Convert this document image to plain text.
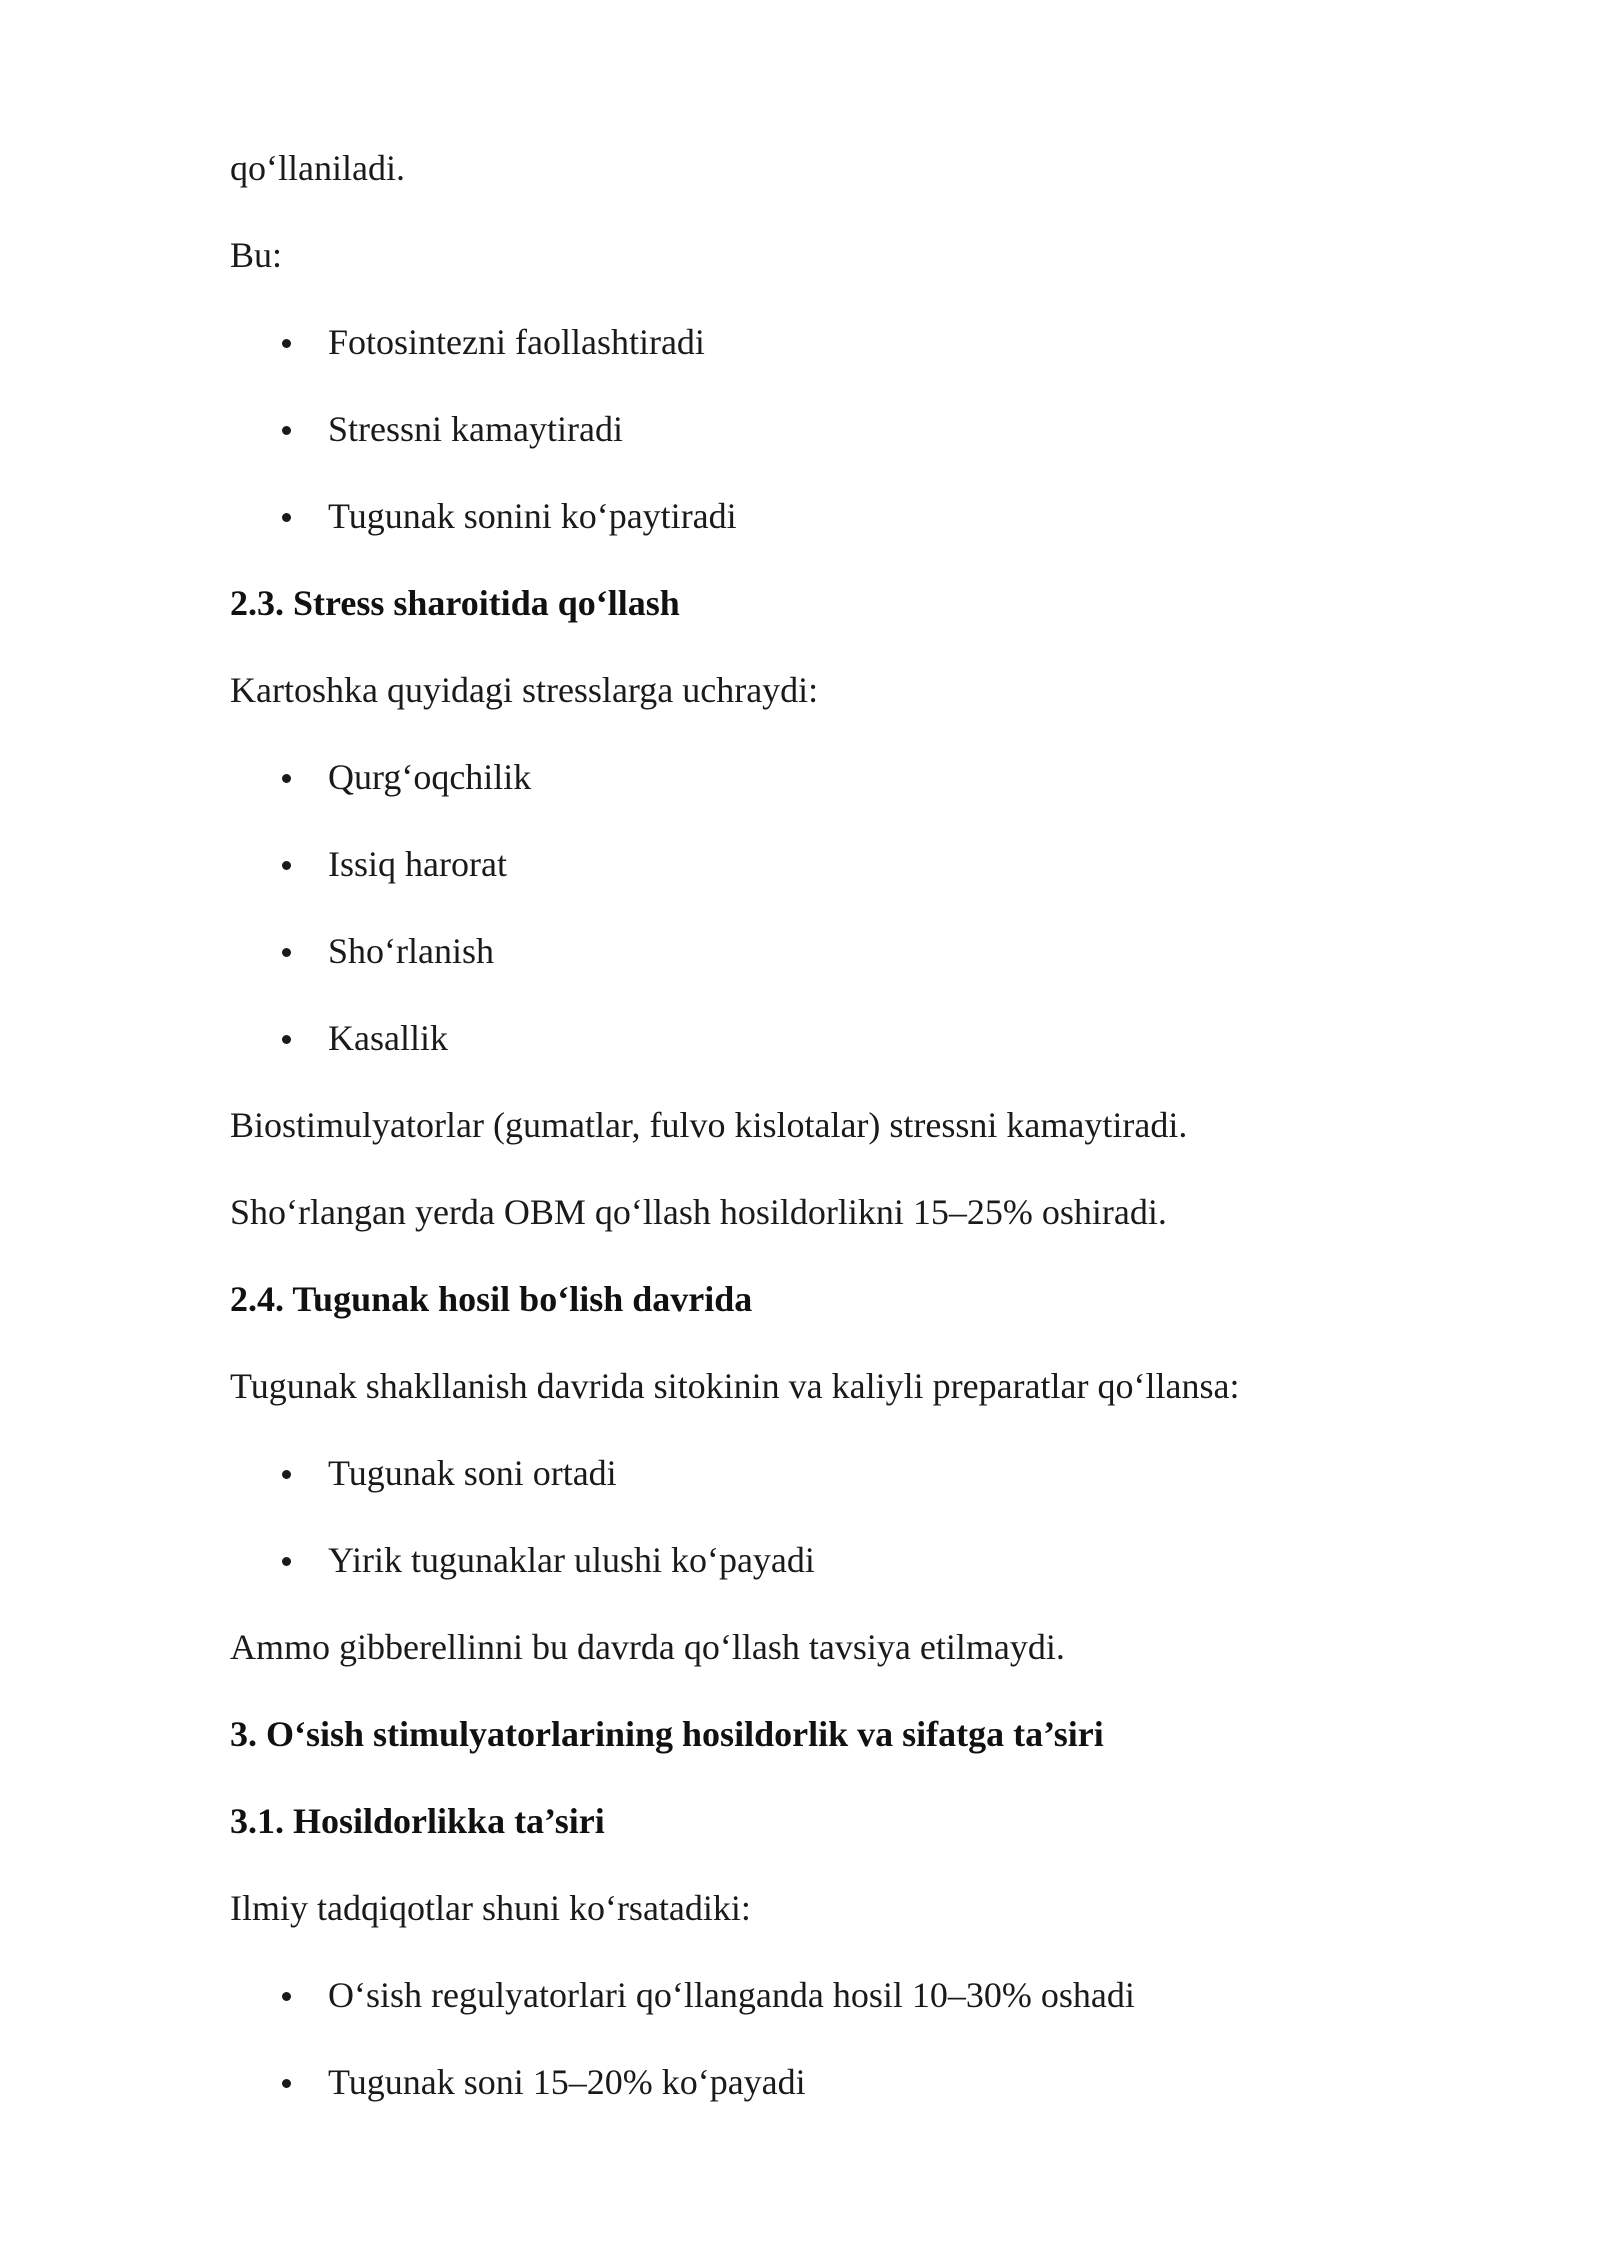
qo‘llaniladi.
Bu:
Fotosintezni faollashtiradi
Stressni kamaytiradi
Tugunak sonini ko‘paytiradi
2.3. Stress sharoitida qo‘llash
Kartoshka quyidagi stresslarga uchraydi:
Qurg‘oqchilik
Issiq harorat
Sho‘rlanish
Kasallik
Biostimulyatorlar (gumatlar, fulvo kislotalar) stressni kamaytiradi.
Sho‘rlangan yerda OBM qo‘llash hosildorlikni 15–25% oshiradi.
2.4. Tugunak hosil bo‘lish davrida
Tugunak shakllanish davrida sitokinin va kaliyli preparatlar qo‘llansa:
Tugunak soni ortadi
Yirik tugunaklar ulushi ko‘payadi
Ammo gibberellinni bu davrda qo‘llash tavsiya etilmaydi.
3. O‘sish stimulyatorlarining hosildorlik va sifatga ta’siri
3.1. Hosildorlikka ta’siri
Ilmiy tadqiqotlar shuni ko‘rsatadiki:
O‘sish regulyatorlari qo‘llanganda hosil 10–30% oshadi
Tugunak soni 15–20% ko‘payadi
